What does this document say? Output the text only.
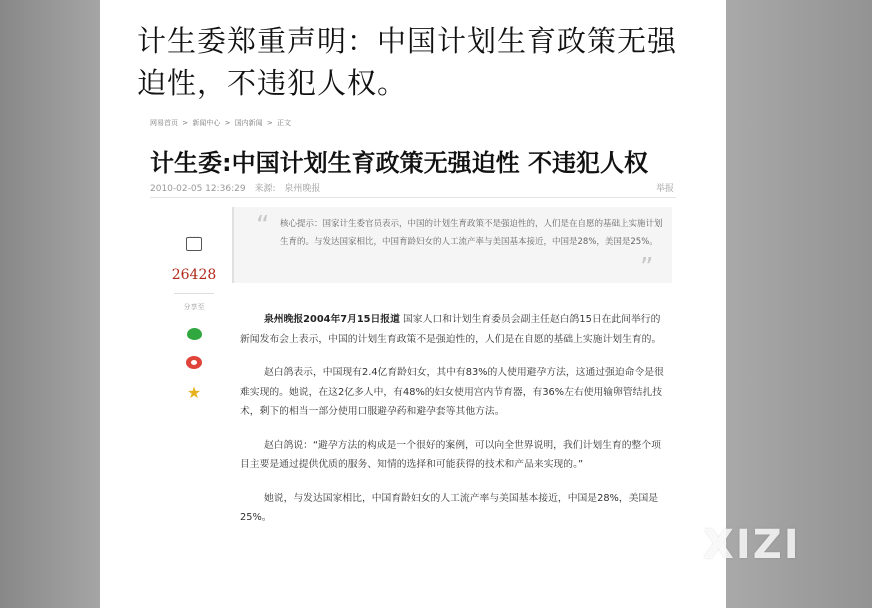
计生委郑重声明：中国计划生育政策无强迫性，不违犯人权。
网易首页 > 新闻中心 > 国内新闻 > 正文
计生委:中国计划生育政策无强迫性 不违犯人权
2010-02-05 12:36:29 来源: 泉州晚报	举报
···
26428
分享至
★
“ 核心提示：国家计生委官员表示，中国的计划生育政策不是强迫性的，人们是在自愿的基础上实施计划生育的。与发达国家相比，中国育龄妇女的人工流产率与美国基本接近，中国是28%，美国是25%。
”

泉州晚报2004年7月15日报道 国家人口和计划生育委员会副主任赵白鸽15日在此间举行的新闻发布会上表示，中国的计划生育政策不是强迫性的，人们是在自愿的基础上实施计划生育的。

赵白鸽表示，中国现有2.4亿育龄妇女，其中有83%的人使用避孕方法，这通过强迫命令是很难实现的。她说，在这2亿多人中，有48%的妇女使用宫内节育器，有36%左右使用输卵管结扎技术，剩下的相当一部分使用口服避孕药和避孕套等其他方法。

赵白鸽说：“避孕方法的构成是一个很好的案例，可以向全世界说明，我们计划生育的整个项目主要是通过提供优质的服务、知情的选择和可能获得的技术和产品来实现的。”

她说，与发达国家相比，中国育龄妇女的人工流产率与美国基本接近，中国是28%，美国是25%。

XIZI
